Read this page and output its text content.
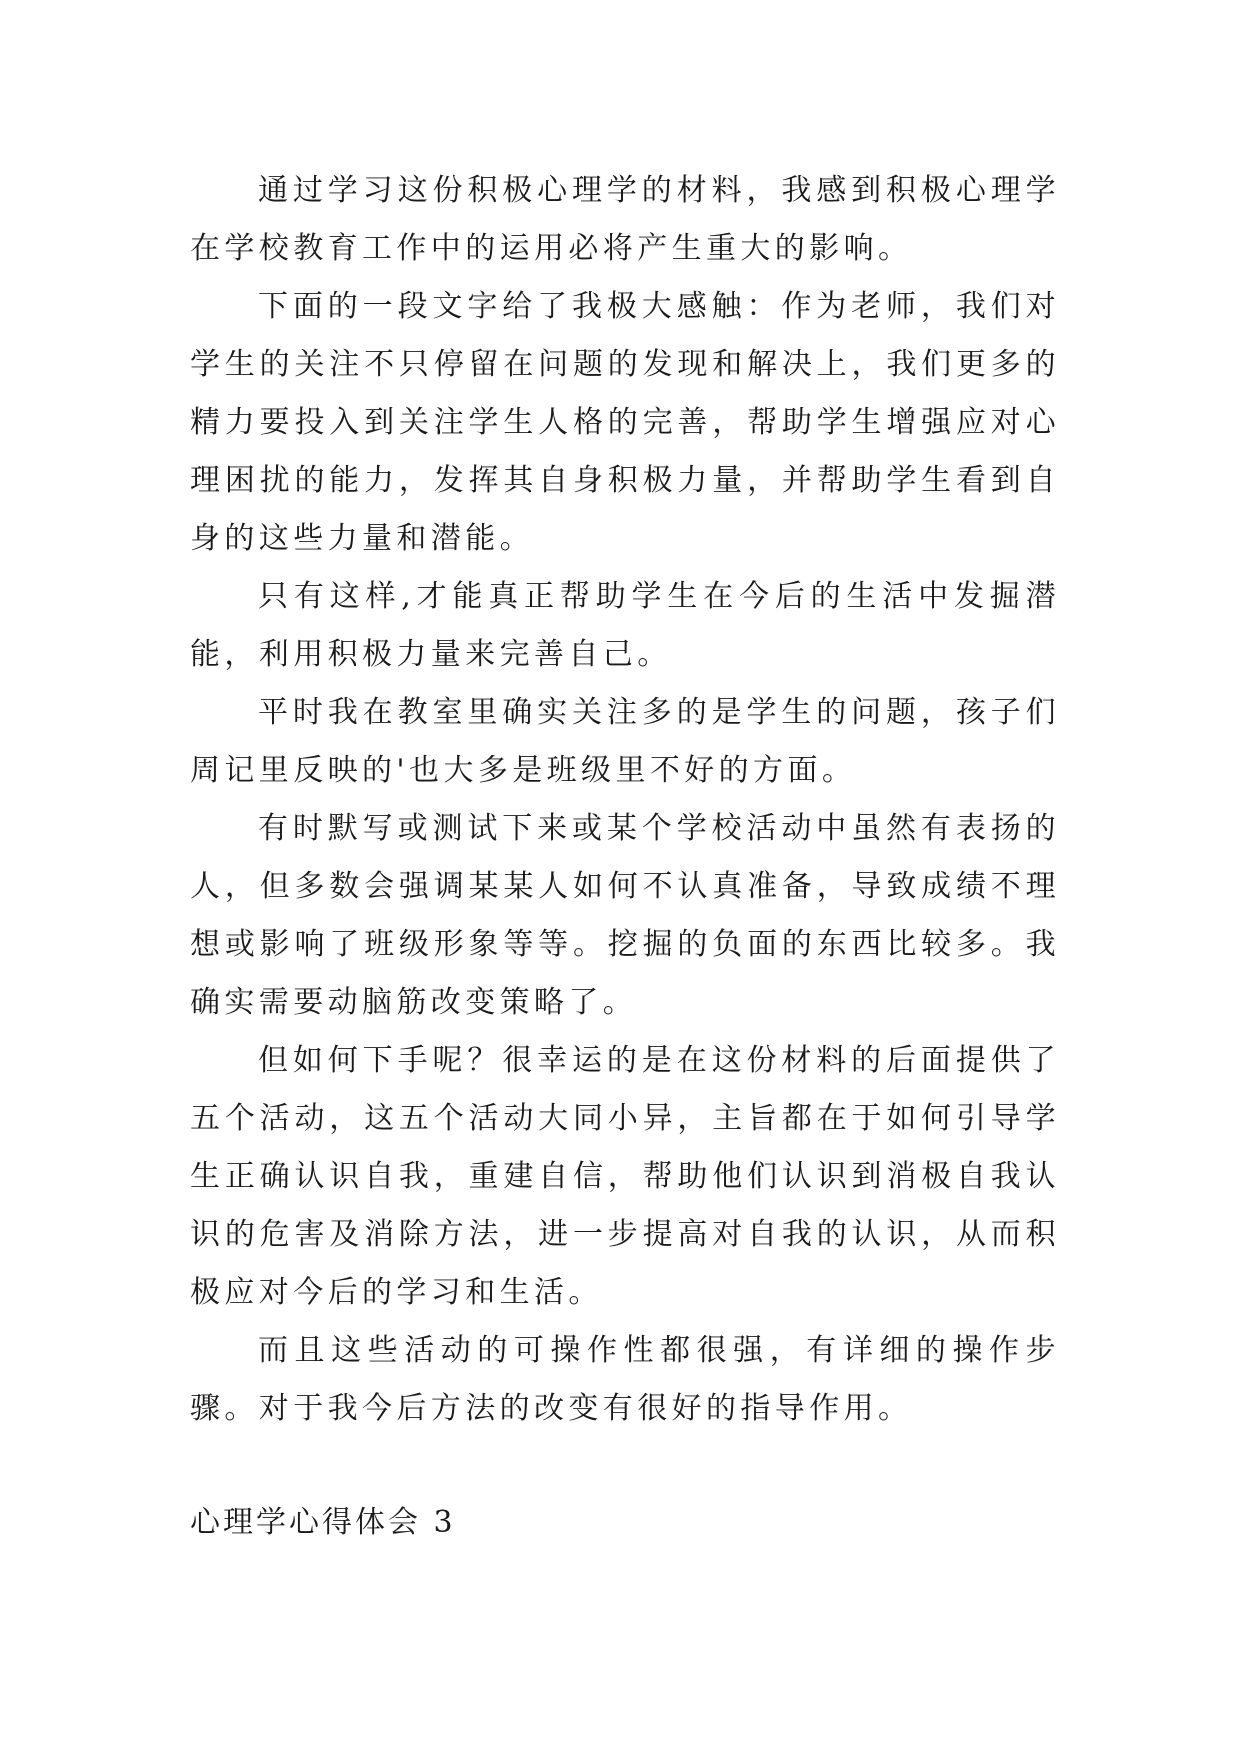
通过学习这份积极心理学的材料，我感到积极心理学在学校教育工作中的运用必将产生重大的影响。

下面的一段文字给了我极大感触：作为老师，我们对学生的关注不只停留在问题的发现和解决上，我们更多的精力要投入到关注学生人格的完善，帮助学生增强应对心理困扰的能力，发挥其自身积极力量，并帮助学生看到自身的这些力量和潜能。

只有这样,才能真正帮助学生在今后的生活中发掘潜能，利用积极力量来完善自己。

平时我在教室里确实关注多的是学生的问题，孩子们周记里反映的'也大多是班级里不好的方面。

有时默写或测试下来或某个学校活动中虽然有表扬的人，但多数会强调某某人如何不认真准备，导致成绩不理想或影响了班级形象等等。挖掘的负面的东西比较多。我确实需要动脑筋改变策略了。

但如何下手呢？很幸运的是在这份材料的后面提供了五个活动，这五个活动大同小异，主旨都在于如何引导学生正确认识自我，重建自信，帮助他们认识到消极自我认识的危害及消除方法，进一步提高对自我的认识，从而积极应对今后的学习和生活。

而且这些活动的可操作性都很强，有详细的操作步骤。对于我今后方法的改变有很好的指导作用。

心理学心得体会 3
